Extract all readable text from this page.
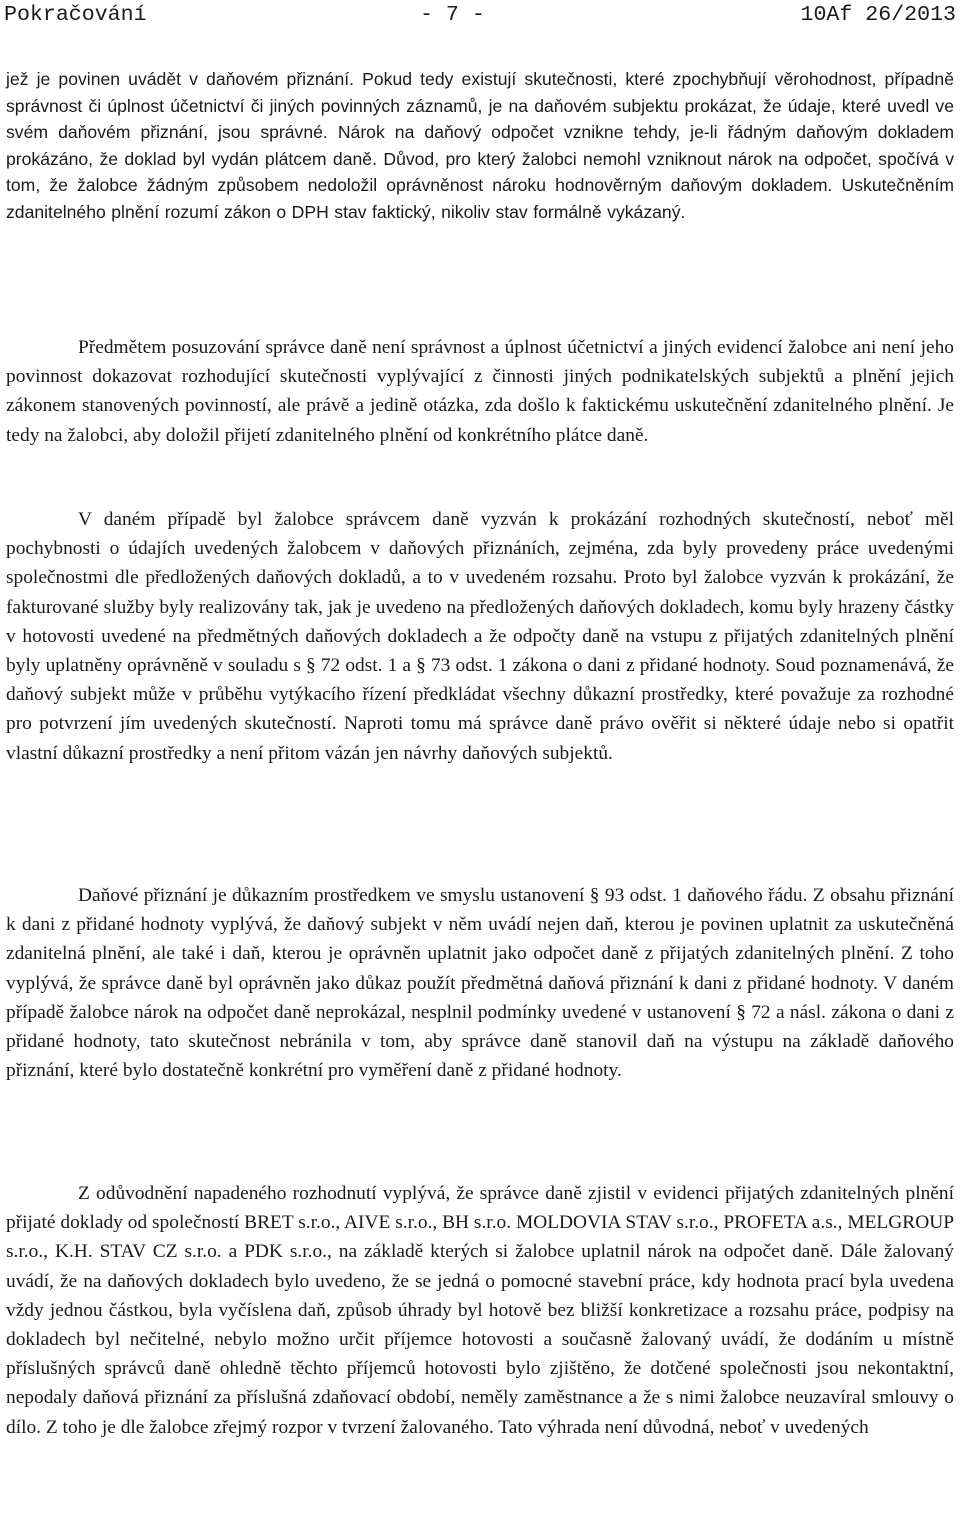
Pokračování	- 7 -	10Af 26/2013

jež je povinen uvádět v daňovém přiznání. Pokud tedy existují skutečnosti, které zpochybňují věrohodnost, případně správnost či úplnost účetnictví či jiných povinných záznamů, je na daňovém subjektu prokázat, že údaje, které uvedl ve svém daňovém přiznání, jsou správné. Nárok na daňový odpočet vznikne tehdy, je-li řádným daňovým dokladem prokázáno, že doklad byl vydán plátcem daně. Důvod, pro který žalobci nemohl vzniknout nárok na odpočet, spočívá v tom, že žalobce žádným způsobem nedoložil oprávněnost nároku hodnověrným daňovým dokladem. Uskutečněním zdanitelného plnění rozumí zákon o DPH stav faktický, nikoliv stav formálně vykázaný.

Předmětem posuzování správce daně není správnost a úplnost účetnictví a jiných evidencí žalobce ani není jeho povinnost dokazovat rozhodující skutečnosti vyplývající z činnosti jiných podnikatelských subjektů a plnění jejich zákonem stanovených povinností, ale právě a jedině otázka, zda došlo k faktickému uskutečnění zdanitelného plnění. Je tedy na žalobci, aby doložil přijetí zdanitelného plnění od konkrétního plátce daně.

V daném případě byl žalobce správcem daně vyzván k prokázání rozhodných skutečností, neboť měl pochybnosti o údajích uvedených žalobcem v daňových přiznáních, zejména, zda byly provedeny práce uvedenými společnostmi dle předložených daňových dokladů, a to v uvedeném rozsahu. Proto byl žalobce vyzván k prokázání, že fakturované služby byly realizovány tak, jak je uvedeno na předložených daňových dokladech, komu byly hrazeny částky v hotovosti uvedené na předmětných daňových dokladech a že odpočty daně na vstupu z přijatých zdanitelných plnění byly uplatněny oprávněně v souladu s § 72 odst. 1 a § 73 odst. 1 zákona o dani z přidané hodnoty. Soud poznamenává, že daňový subjekt může v průběhu vytýkacího řízení předkládat všechny důkazní prostředky, které považuje za rozhodné pro potvrzení jím uvedených skutečností. Naproti tomu má správce daně právo ověřit si některé údaje nebo si opatřit vlastní důkazní prostředky a není přitom vázán jen návrhy daňových subjektů.

Daňové přiznání je důkazním prostředkem ve smyslu ustanovení § 93 odst. 1 daňového řádu. Z obsahu přiznání k dani z přidané hodnoty vyplývá, že daňový subjekt v něm uvádí nejen daň, kterou je povinen uplatnit za uskutečněná zdanitelná plnění, ale také i daň, kterou je oprávněn uplatnit jako odpočet daně z přijatých zdanitelných plnění. Z toho vyplývá, že správce daně byl oprávněn jako důkaz použít předmětná daňová přiznání k dani z přidané hodnoty. V daném případě žalobce nárok na odpočet daně neprokázal, nesplnil podmínky uvedené v ustanovení § 72 a násl. zákona o dani z přidané hodnoty, tato skutečnost nebránila v tom, aby správce daně stanovil daň na výstupu na základě daňového přiznání, které bylo dostatečně konkrétní pro vyměření daně z přidané hodnoty.

Z odůvodnění napadeného rozhodnutí vyplývá, že správce daně zjistil v evidenci přijatých zdanitelných plnění přijaté doklady od společností BRET s.r.o., AIVE s.r.o., BH s.r.o. MOLDOVIA STAV s.r.o., PROFETA a.s., MELGROUP s.r.o., K.H. STAV CZ s.r.o. a PDK s.r.o., na základě kterých si žalobce uplatnil nárok na odpočet daně. Dále žalovaný uvádí, že na daňových dokladech bylo uvedeno, že se jedná o pomocné stavební práce, kdy hodnota prací byla uvedena vždy jednou částkou, byla vyčíslena daň, způsob úhrady byl hotově bez bližší konkretizace a rozsahu práce, podpisy na dokladech byl nečitelné, nebylo možno určit příjemce hotovosti a současně žalovaný uvádí, že dodáním u místně příslušných správců daně ohledně těchto příjemců hotovosti bylo zjištěno, že dotčené společnosti jsou nekontaktní, nepodaly daňová přiznání za příslušná zdaňovací období, neměly zaměstnance a že s nimi žalobce neuzavíral smlouvy o dílo. Z toho je dle žalobce zřejmý rozpor v tvrzení žalovaného. Tato výhrada není důvodná, neboť v uvedených
